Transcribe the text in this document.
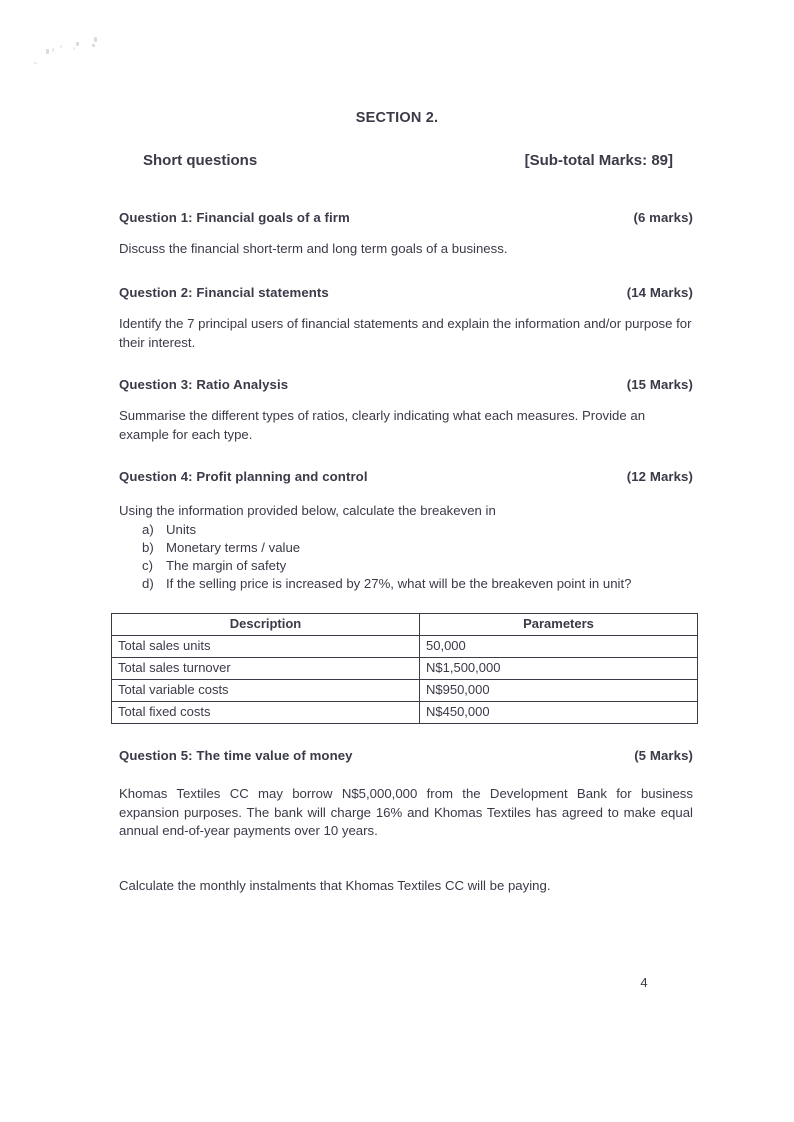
SECTION 2.
Short questions	[Sub-total Marks: 89]
Question 1: Financial goals of a firm	(6 marks)
Discuss the financial short-term and long term goals of a business.
Question 2: Financial statements	(14 Marks)
Identify the 7 principal users of financial statements and explain the information and/or purpose for their interest.
Question 3: Ratio Analysis	(15 Marks)
Summarise the different types of ratios, clearly indicating what each measures. Provide an example for each type.
Question 4: Profit planning and control	(12 Marks)
Using the information provided below, calculate the breakeven in
a) Units
b) Monetary terms / value
c) The margin of safety
d) If the selling price is increased by 27%, what will be the breakeven point in unit?
Description	Parameters
Total sales units	50,000
Total sales turnover	N$1,500,000
Total variable costs	N$950,000
Total fixed costs	N$450,000
Question 5: The time value of money	(5 Marks)
Khomas Textiles CC may borrow N$5,000,000 from the Development Bank for business expansion purposes. The bank will charge 16% and Khomas Textiles has agreed to make equal annual end-of-year payments over 10 years.
Calculate the monthly instalments that Khomas Textiles CC will be paying.
4
